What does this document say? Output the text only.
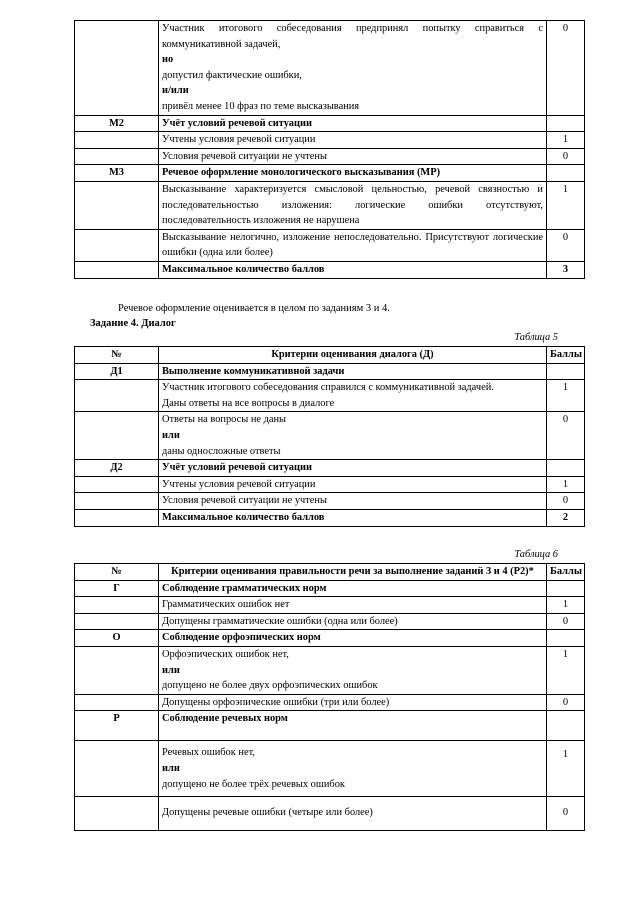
	Участник итогового собеседования предпринял попытку справиться с коммуникативной задачей,
но
допустил фактические ошибки,
и/или
привёл менее 10 фраз по теме высказывания	0
М2	Учёт условий речевой ситуации	
	Учтены условия речевой ситуации	1
	Условия речевой ситуации не учтены	0
М3	Речевое оформление монологического высказывания (МР)	
	Высказывание характеризуется смысловой цельностью, речевой связностью и последовательностью изложения: логические ошибки отсутствуют, последовательность изложения не нарушена	1
	Высказывание нелогично, изложение непоследовательно. Присутствуют логические ошибки (одна или более)	0
	Максимальное количество баллов	3
Речевое оформление оценивается в целом по заданиям 3 и 4.
Задание 4. Диалог
Таблица 5
№	Критерии оценивания диалога (Д)	Баллы
Д1	Выполнение коммуникативной задачи	

	Участник итогового собеседования справился с коммуникативной задачей.
Даны ответы на все вопросы в диалоге	1

	Ответы на вопросы не даны
или
даны односложные ответы	0
Д2	Учёт условий речевой ситуации	
	Учтены условия речевой ситуации	1
	Условия речевой ситуации не учтены	0
	Максимальное количество баллов	2
Таблица 6
№	Критерии оценивания правильности речи за выполнение заданий 3 и 4 (Р2)*	Баллы
Г	Соблюдение грамматических норм	
	Грамматических ошибок нет	1
	Допущены грамматические ошибки (одна или более)	0
О	Соблюдение орфоэпических норм	

	Орфоэпических ошибок нет,
или
допущено не более двух орфоэпических ошибок	1
	Допущены орфоэпические ошибки (три или более)	0
Р	Соблюдение речевых норм	

	Речевых ошибок нет,
или
допущено не более трёх речевых ошибок	1
	Допущены речевые ошибки (четыре или более)	0
